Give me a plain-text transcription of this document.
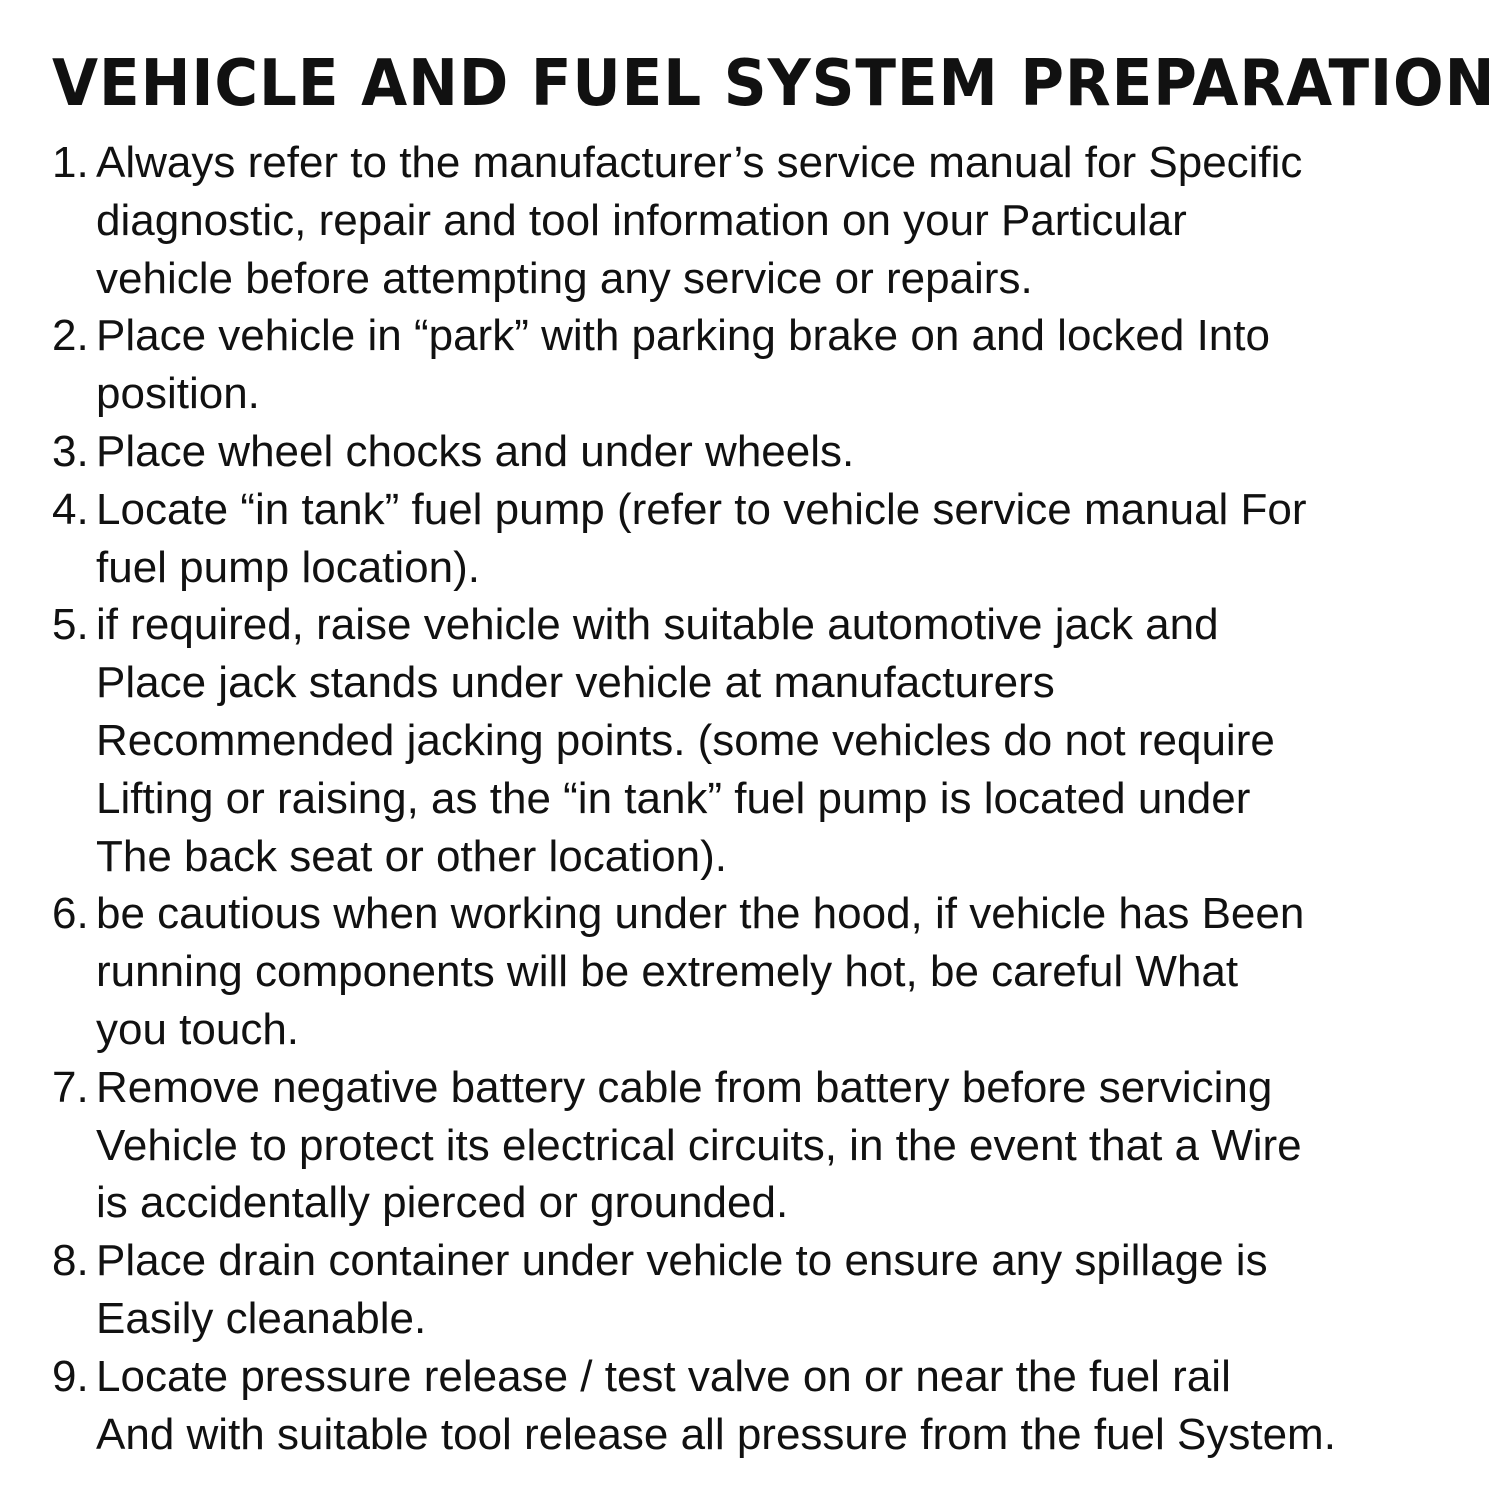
VEHICLE AND FUEL SYSTEM PREPARATION
1. Always refer to the manufacturer’s service manual for Specific
diagnostic, repair and tool information on your Particular
vehicle before attempting any service or repairs.
2. Place vehicle in “park” with parking brake on and locked Into
position.
3. Place wheel chocks and under wheels.
4. Locate “in tank” fuel pump (refer to vehicle service manual For
fuel pump location).
5. if required, raise vehicle with suitable automotive jack and
Place jack stands under vehicle at manufacturers
Recommended jacking points. (some vehicles do not require
Lifting or raising, as the “in tank” fuel pump is located under
The back seat or other location).
6. be cautious when working under the hood, if vehicle has Been
running components will be extremely hot, be careful What
you touch.
7. Remove negative battery cable from battery before servicing
Vehicle to protect its electrical circuits, in the event that a Wire
is accidentally pierced or grounded.
8. Place drain container under vehicle to ensure any spillage is
Easily cleanable.
9. Locate pressure release / test valve on or near the fuel rail
And with suitable tool release all pressure from the fuel System.
